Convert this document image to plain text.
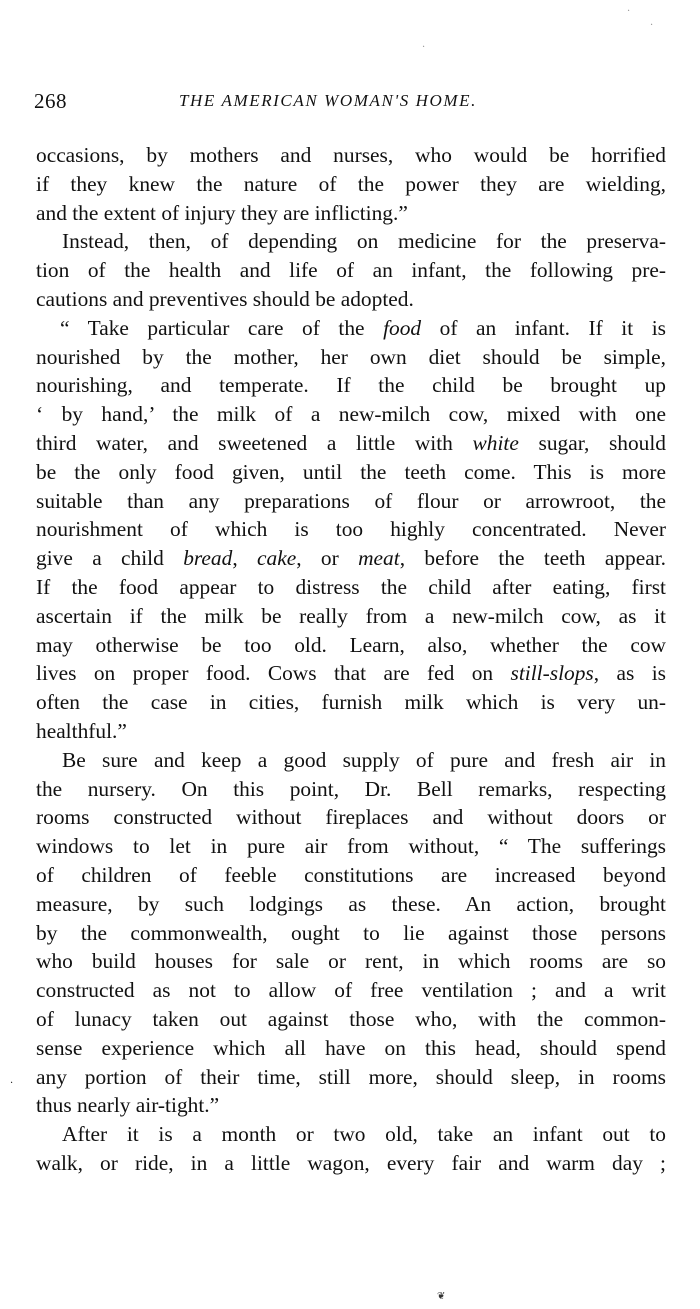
268	THE AMERICAN WOMAN'S HOME.
occasions, by mothers and nurses, who would be horrified
if they knew the nature of the power they are wielding,
and the extent of injury they are inflicting.”
Instead, then, of depending on medicine for the preserva-
tion of the health and life of an infant, the following pre-
cautions and preventives should be adopted.
“ Take particular care of the food of an infant. If it is
nourished by the mother, her own diet should be simple,
nourishing, and temperate. If the child be brought up
‘ by hand,’ the milk of a new-milch cow, mixed with one
third water, and sweetened a little with white sugar, should
be the only food given, until the teeth come. This is more
suitable than any preparations of flour or arrowroot, the
nourishment of which is too highly concentrated. Never
give a child bread, cake, or meat, before the teeth appear.
If the food appear to distress the child after eating, first
ascertain if the milk be really from a new-milch cow, as it
may otherwise be too old. Learn, also, whether the cow
lives on proper food. Cows that are fed on still-slops, as is
often the case in cities, furnish milk which is very un-
healthful.”
Be sure and keep a good supply of pure and fresh air in
the nursery. On this point, Dr. Bell remarks, respecting
rooms constructed without fireplaces and without doors or
windows to let in pure air from without, “ The sufferings
of children of feeble constitutions are increased beyond
measure, by such lodgings as these. An action, brought
by the commonwealth, ought to lie against those persons
who build houses for sale or rent, in which rooms are so
constructed as not to allow of free ventilation ; and a writ
of lunacy taken out against those who, with the common-
sense experience which all have on this head, should spend
any portion of their time, still more, should sleep, in rooms
thus nearly air-tight.”
After it is a month or two old, take an infant out to
walk, or ride, in a little wagon, every fair and warm day ;
·
·
·
·
❦
